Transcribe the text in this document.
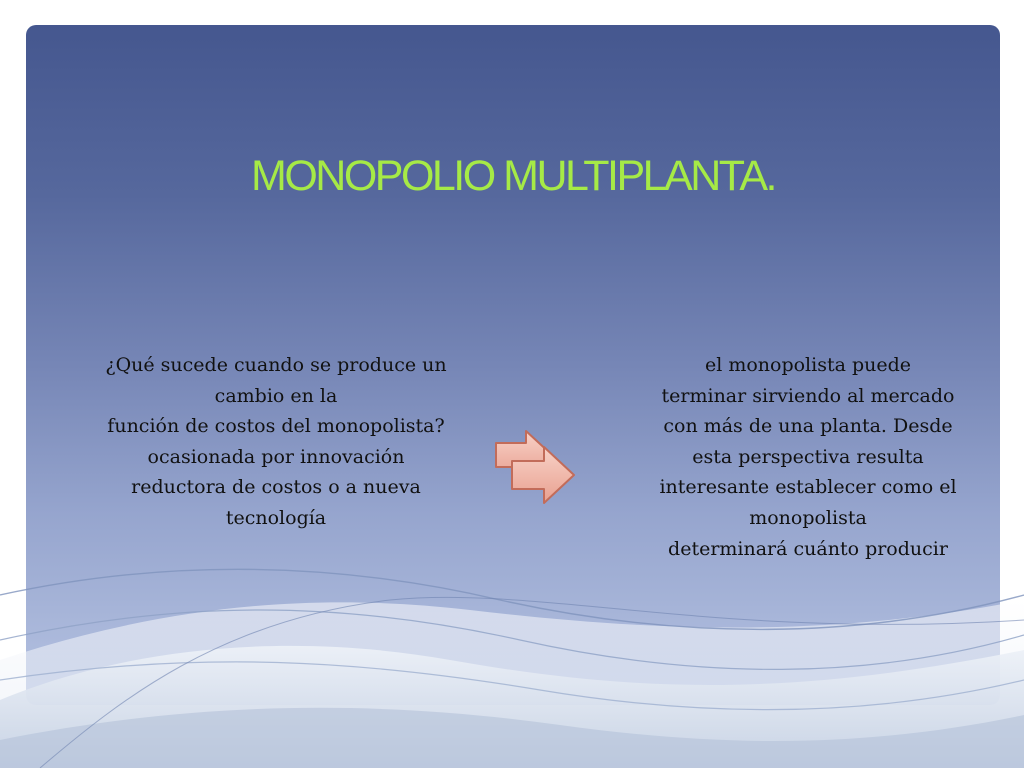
MONOPOLIO MULTIPLANTA.
¿Qué sucede cuando se produce un
cambio en la
función de costos del monopolista?
ocasionada por innovación
reductora de costos o a nueva
tecnología
el monopolista puede
terminar sirviendo al mercado
con más de una planta. Desde
esta perspectiva resulta
interesante establecer como el
monopolista
determinará cuánto producir
